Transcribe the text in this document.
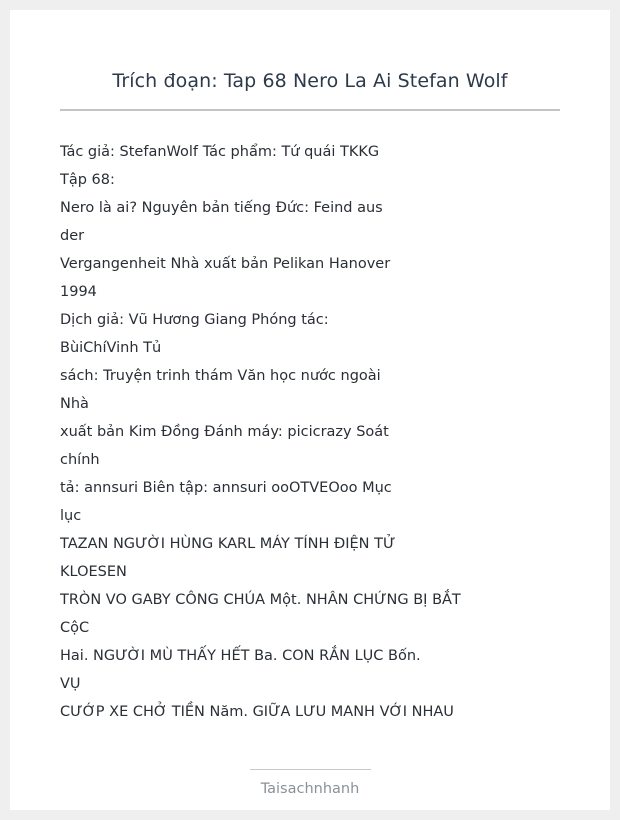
Trích đoạn: Tap 68 Nero La Ai Stefan Wolf
Tác giả: StefanWolf Tác phẩm: Tứ quái TKKG
Tập 68:
Nero là ai? Nguyên bản tiếng Đức: Feind aus
der
Vergangenheit Nhà xuất bản Pelikan Hanover
1994
Dịch giả: Vũ Hương Giang Phóng tác:
BùiChíVinh Tủ
sách: Truyện trinh thám Văn học nước ngoài
Nhà
xuất bản Kim Đồng Đánh máy: picicrazy Soát
chính
tả: annsuri Biên tập: annsuri ooOTVEOoo Mục
lục
TAZAN NGƯỜI HÙNG KARL MÁY TÍNH ĐIỆN TỬ
KLOESEN
TRÒN VO GABY CÔNG CHÚA Một. NHÂN CHỨNG BỊ BẮT
CộC
Hai. NGƯỜI MÙ THẤY HẾT Ba. CON RẮN LỤC Bốn.
VỤ
CƯỚP XE CHỞ TIỀN Năm. GIỮA LƯU MANH VỚI NHAU
Taisachnhanh
